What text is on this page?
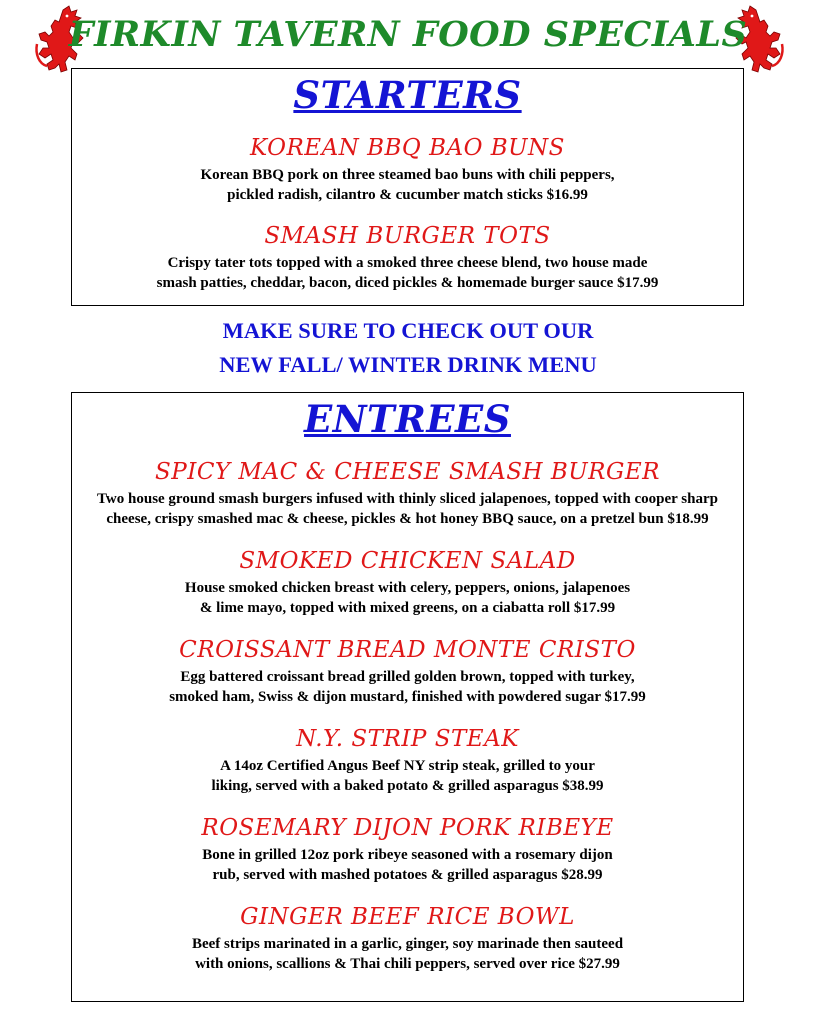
FIRKIN TAVERN FOOD SPECIALS
STARTERS

KOREAN BBQ BAO BUNS

Korean BBQ pork on three steamed bao buns with chili peppers,
pickled radish, cilantro & cucumber match sticks $16.99

SMASH BURGER TOTS

Crispy tater tots topped with a smoked three cheese blend, two house made
smash patties, cheddar, bacon, diced pickles & homemade burger sauce $17.99

MAKE SURE TO CHECK OUT OUR
NEW FALL/ WINTER DRINK MENU
ENTREES

SPICY MAC & CHEESE SMASH BURGER

Two house ground smash burgers infused with thinly sliced jalapenoes, topped with cooper sharp
cheese, crispy smashed mac & cheese, pickles & hot honey BBQ sauce, on a pretzel bun $18.99

SMOKED CHICKEN SALAD

House smoked chicken breast with celery, peppers, onions, jalapenoes
& lime mayo, topped with mixed greens, on a ciabatta roll $17.99

CROISSANT BREAD MONTE CRISTO

Egg battered croissant bread grilled golden brown, topped with turkey,
smoked ham, Swiss & dijon mustard, finished with powdered sugar $17.99

N.Y. STRIP STEAK

A 14oz Certified Angus Beef NY strip steak, grilled to your
liking, served with a baked potato & grilled asparagus $38.99

ROSEMARY DIJON PORK RIBEYE

Bone in grilled 12oz pork ribeye seasoned with a rosemary dijon
rub, served with mashed potatoes & grilled asparagus $28.99

GINGER BEEF RICE BOWL

Beef strips marinated in a garlic, ginger, soy marinade then sauteed
with onions, scallions & Thai chili peppers, served over rice $27.99
